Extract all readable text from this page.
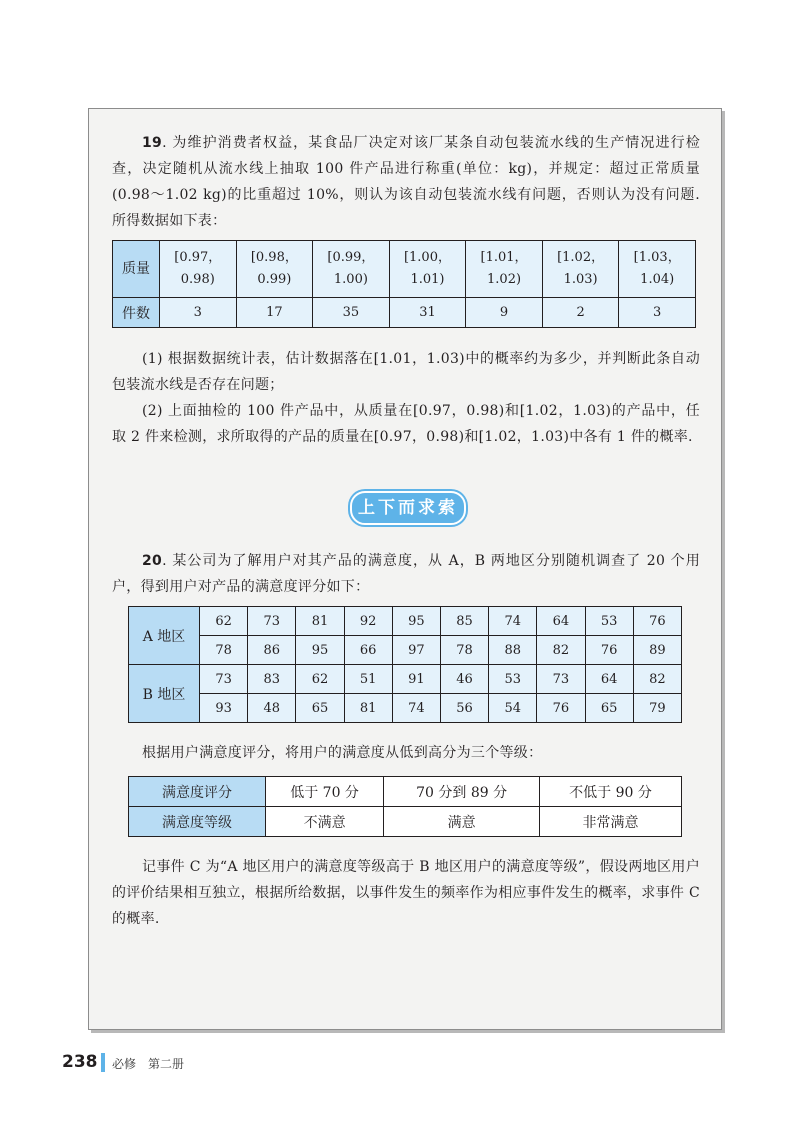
19. 为维护消费者权益，某食品厂决定对该厂某条自动包装流水线的生产情况进行检查，决定随机从流水线上抽取 100 件产品进行称重(单位：kg)，并规定：超过正常质量(0.98～1.02 kg)的比重超过 10%，则认为该自动包装流水线有问题，否则认为没有问题. 所得数据如下表：

质量	[0.97，0.98)	[0.98，0.99)	[0.99，1.00)	[1.00，1.01)	[1.01，1.02)	[1.02，1.03)	[1.03，1.04)
件数	3	17	35	31	9	2	3

(1) 根据数据统计表，估计数据落在[1.01，1.03)中的概率约为多少，并判断此条自动包装流水线是否存在问题；

(2) 上面抽检的 100 件产品中，从质量在[0.97，0.98)和[1.02，1.03)的产品中，任取 2 件来检测，求所取得的产品的质量在[0.97，0.98)和[1.02，1.03)中各有 1 件的概率.

上下而求索

20. 某公司为了解用户对其产品的满意度，从 A，B 两地区分别随机调查了 20 个用户，得到用户对产品的满意度评分如下：

A 地区	62	73	81	92	95	85	74	64	53	76
	78	86	95	66	97	78	88	82	76	89
B 地区	73	83	62	51	91	46	53	73	64	82
	93	48	65	81	74	56	54	76	65	79

根据用户满意度评分，将用户的满意度从低到高分为三个等级：

满意度评分	低于 70 分	70 分到 89 分	不低于 90 分
满意度等级	不满意	满意	非常满意

记事件 C 为“A 地区用户的满意度等级高于 B 地区用户的满意度等级”，假设两地区用户的评价结果相互独立，根据所给数据，以事件发生的频率作为相应事件发生的概率，求事件 C 的概率.

238 必修 第二册
